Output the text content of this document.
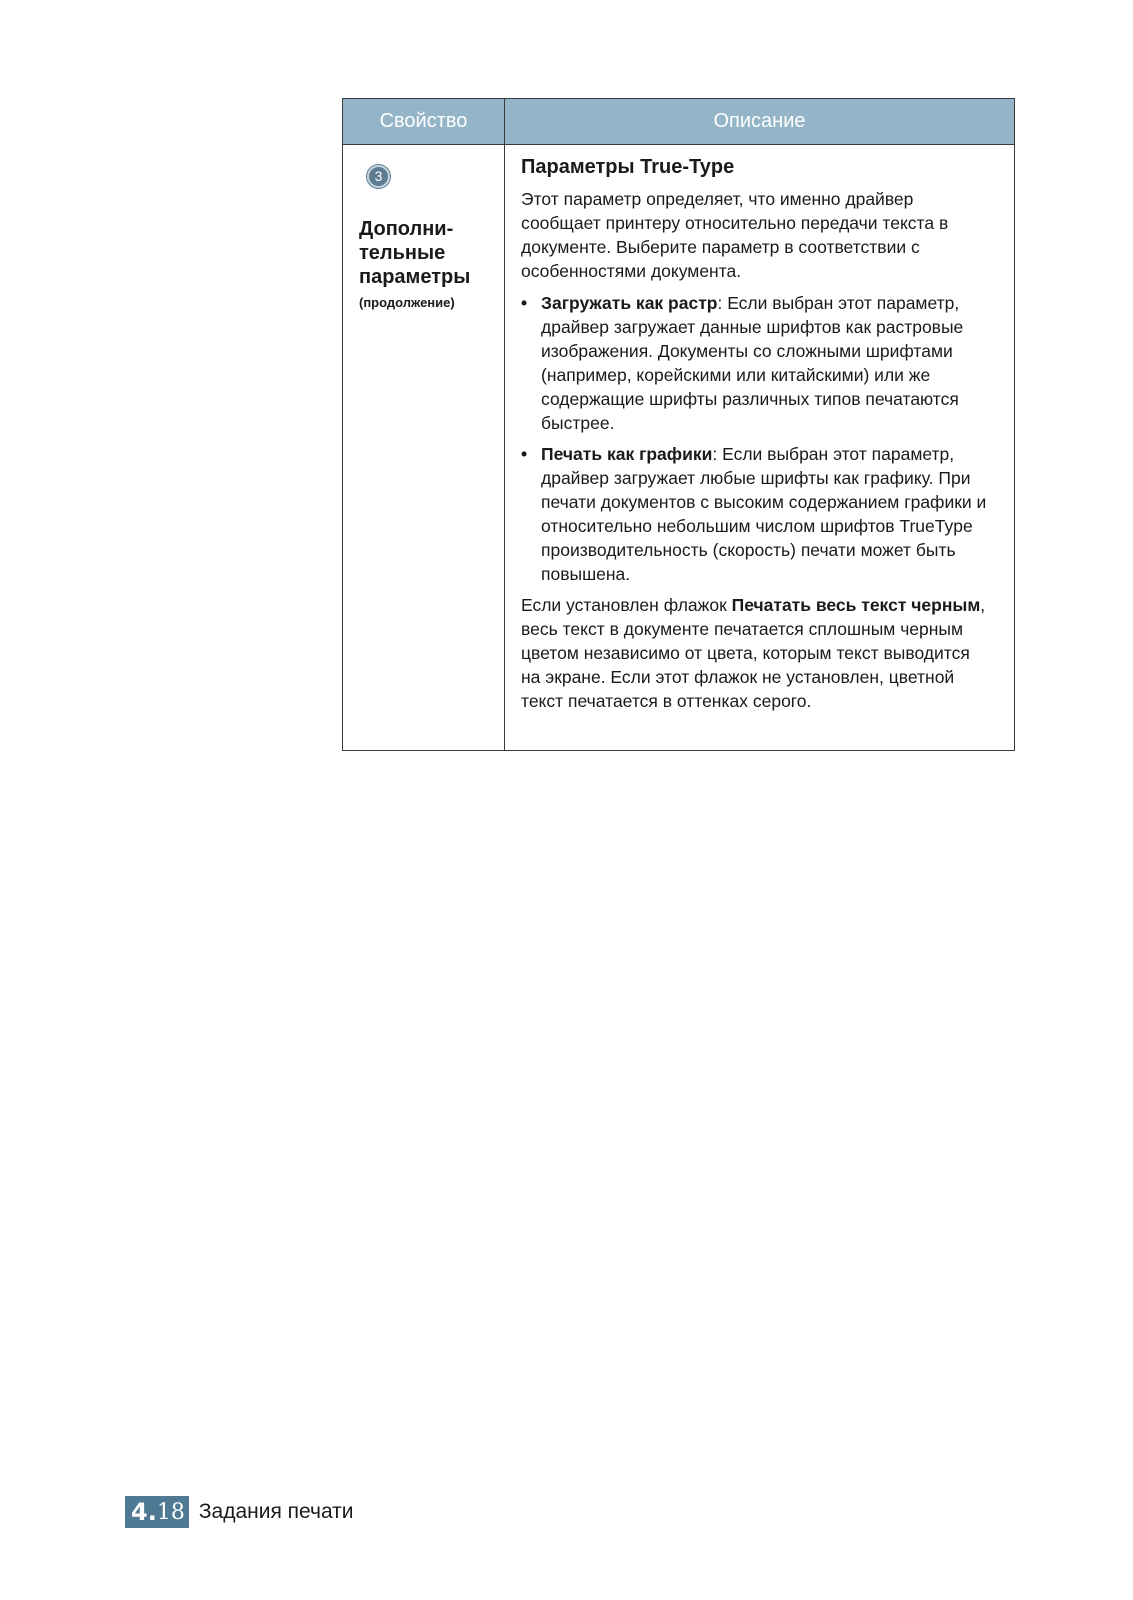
Свойство	Описание
3
Дополни-
тельные
параметры
(продолжение)
Параметры True-Type

Этот параметр определяет, что именно драйвер сообщает принтеру относительно передачи текста в документе. Выберите параметр в соответствии с особенностями документа.

• Загружать как растр: Если выбран этот параметр, драйвер загружает данные шрифтов как растровые изображения. Документы со сложными шрифтами (например, корейскими или китайскими) или же содержащие шрифты различных типов печатаются быстрее.
• Печать как графики: Если выбран этот параметр, драйвер загружает любые шрифты как графику. При печати документов с высоким содержанием графики и относительно небольшим числом шрифтов TrueType производительность (скорость) печати может быть повышена.

Если установлен флажок Печатать весь текст черным, весь текст в документе печатается сплошным черным цветом независимо от цвета, которым текст выводится на экране. Если этот флажок не установлен, цветной текст печатается в оттенках серого.

4. 18 Задания печати
